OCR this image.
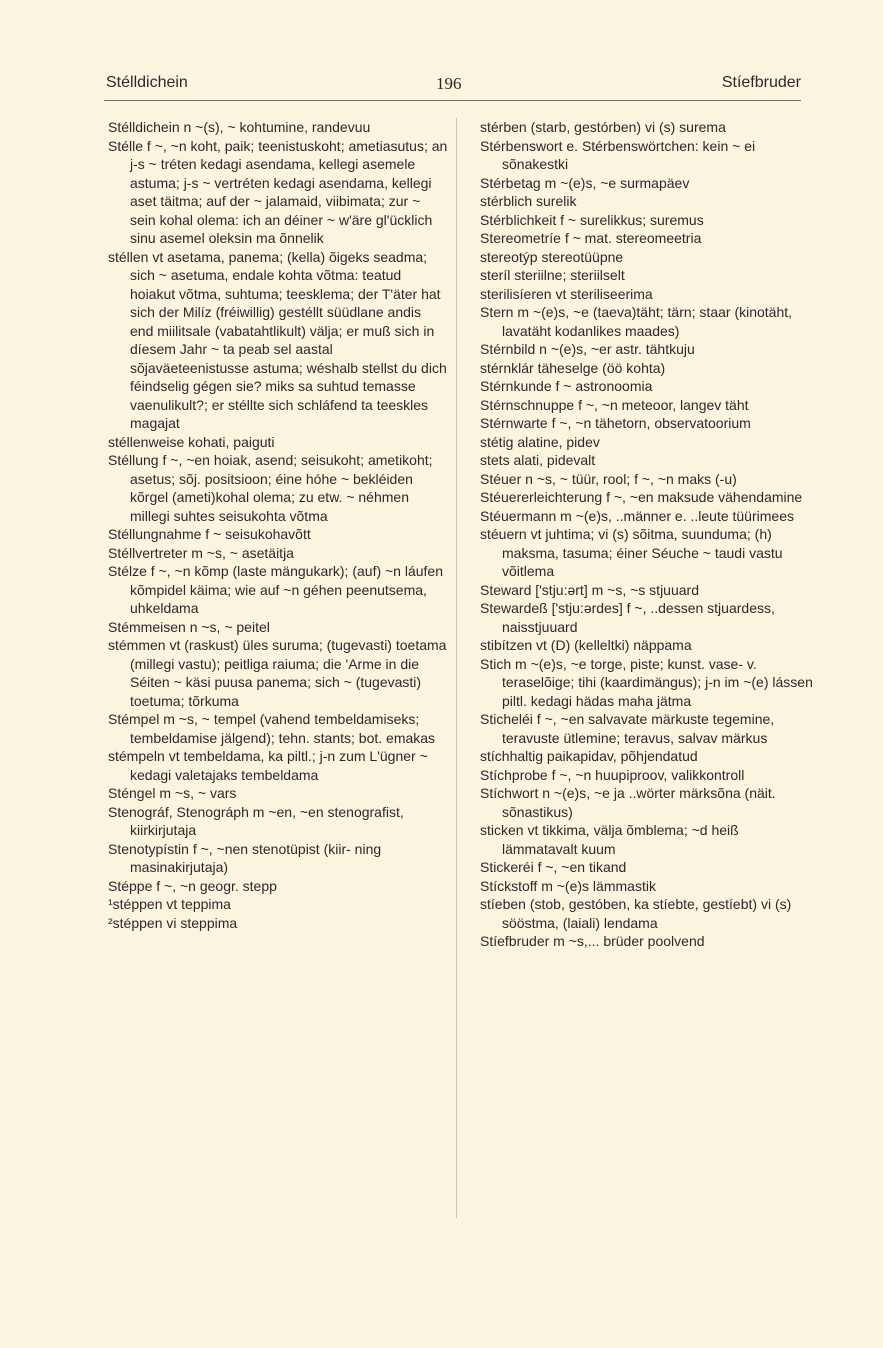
Stélldichein	196	Stíefbruder

Stélldichein n ~(s), ~ kohtumine, randevuu

Stélle f ~, ~n koht, paik; teenistuskoht; ametiasutus; an j-s ~ tréten kedagi asendama, kellegi asemele astuma; j-s ~ vertréten kedagi asendama, kellegi aset täitma; auf der ~ jalamaid, viibimata; zur ~ sein kohal olema: ich an déiner ~ w'äre gl'ücklich sinu asemel oleksin ma õnnelik

stéllen vt asetama, panema; (kella) õigeks seadma; sich ~ asetuma, endale kohta võtma: teatud hoiakut võtma, suhtuma; teesklema; der T'äter hat sich der Milíz (fréiwillig) gestéllt süüdlane andis end miilitsale (vabatahtlikult) välja; er muß sich in díesem Jahr ~ ta peab sel aastal sõjaväeteenistusse astuma; wéshalb stellst du dich féindselig gégen sie? miks sa suhtud temasse vaenulikult?; er stéllte sich schláfend ta teeskles magajat

stéllenweise kohati, paiguti

Stéllung f ~, ~en hoiak, asend; seisukoht; ametikoht; asetus; sõj. positsioon; éine hóhe ~ bekléiden kõrgel (ameti)kohal olema; zu etw. ~ néhmen millegi suhtes seisukohta võtma

Stéllungnahme f ~ seisukohavõtt

Stéllvertreter m ~s, ~ asetäitja

Stélze f ~, ~n kõmp (laste mängukark); (auf) ~n láufen kõmpidel käima; wie auf ~n géhen peenutsema, uhkeldama

Stémmeisen n ~s, ~ peitel

stémmen vt (raskust) üles suruma; (tugevasti) toetama (millegi vastu); peitliga raiuma; die 'Arme in die Séiten ~ käsi puusa panema; sich ~ (tugevasti) toetuma; tõrkuma

Stémpel m ~s, ~ tempel (vahend tembeldamiseks; tembeldamise jälgend); tehn. stants; bot. emakas

stémpeln vt tembeldama, ka piltl.; j-n zum L'ügner ~ kedagi valetajaks tembeldama

Sténgel m ~s, ~ vars

Stenográf, Stenográph m ~en, ~en stenografist, kiirkirjutaja

Stenotypístin f ~, ~nen stenotüpist (kiir- ning masinakirjutaja)

Stéppe f ~, ~n geogr. stepp

¹stéppen vt teppima

²stéppen vi steppima

stérben (starb, gestórben) vi (s) surema

Stérbenswort e. Stérbenswörtchen: kein ~ ei sõnakestki

Stérbetag m ~(e)s, ~e surmapäev

stérblich surelik

Stérblichkeit f ~ surelikkus; suremus

Stereometríe f ~ mat. stereomeetria

stereotýp stereotüüpne

steríl steriilne; steriilselt

sterilisíeren vt steriliseerima

Stern m ~(e)s, ~e (taeva)täht; tärn; staar (kinotäht, lavatäht kodanlikes maades)

Stérnbild n ~(e)s, ~er astr. tähtkuju

stérnklár täheselge (öö kohta)

Stérnkunde f ~ astronoomia

Stérnschnuppe f ~, ~n meteoor, langev täht

Stérnwarte f ~, ~n tähetorn, observatoorium

stétig alatine, pidev

stets alati, pidevalt

Stéuer n ~s, ~ tüür, rool; f ~, ~n maks (-u)

Stéuererleichterung f ~, ~en maksude vähendamine

Stéuermann m ~(e)s, ..männer e. ..leute tüürimees

stéuern vt juhtima; vi (s) sõitma, suunduma; (h) maksma, tasuma; éiner Séuche ~ taudi vastu võitlema

Steward ['stju:ərt] m ~s, ~s stjuuard

Stewardeß ['stju:ərdes] f ~, ..dessen stjuardess, naisstjuuard

stibítzen vt (D) (kelleltki) näppama

Stich m ~(e)s, ~e torge, piste; kunst. vase- v. teraselõige; tihi (kaardimängus); j-n im ~(e) lássen piltl. kedagi hädas maha jätma

Sticheléi f ~, ~en salvavate märkuste tegemine, teravuste ütlemine; teravus, salvav märkus

stíchhaltig paikapidav, põhjendatud

Stíchprobe f ~, ~n huupiproov, valikkontroll

Stíchwort n ~(e)s, ~e ja ..wörter märksõna (näit. sõnastikus)

sticken vt tikkima, välja õmblema; ~d heiß lämmatavalt kuum

Stickeréi f ~, ~en tikand

Stíckstoff m ~(e)s lämmastik

stíeben (stob, gestóben, ka stíebte, gestíebt) vi (s) sööstma, (laiali) lendama

Stíefbruder m ~s,... brüder poolvend
